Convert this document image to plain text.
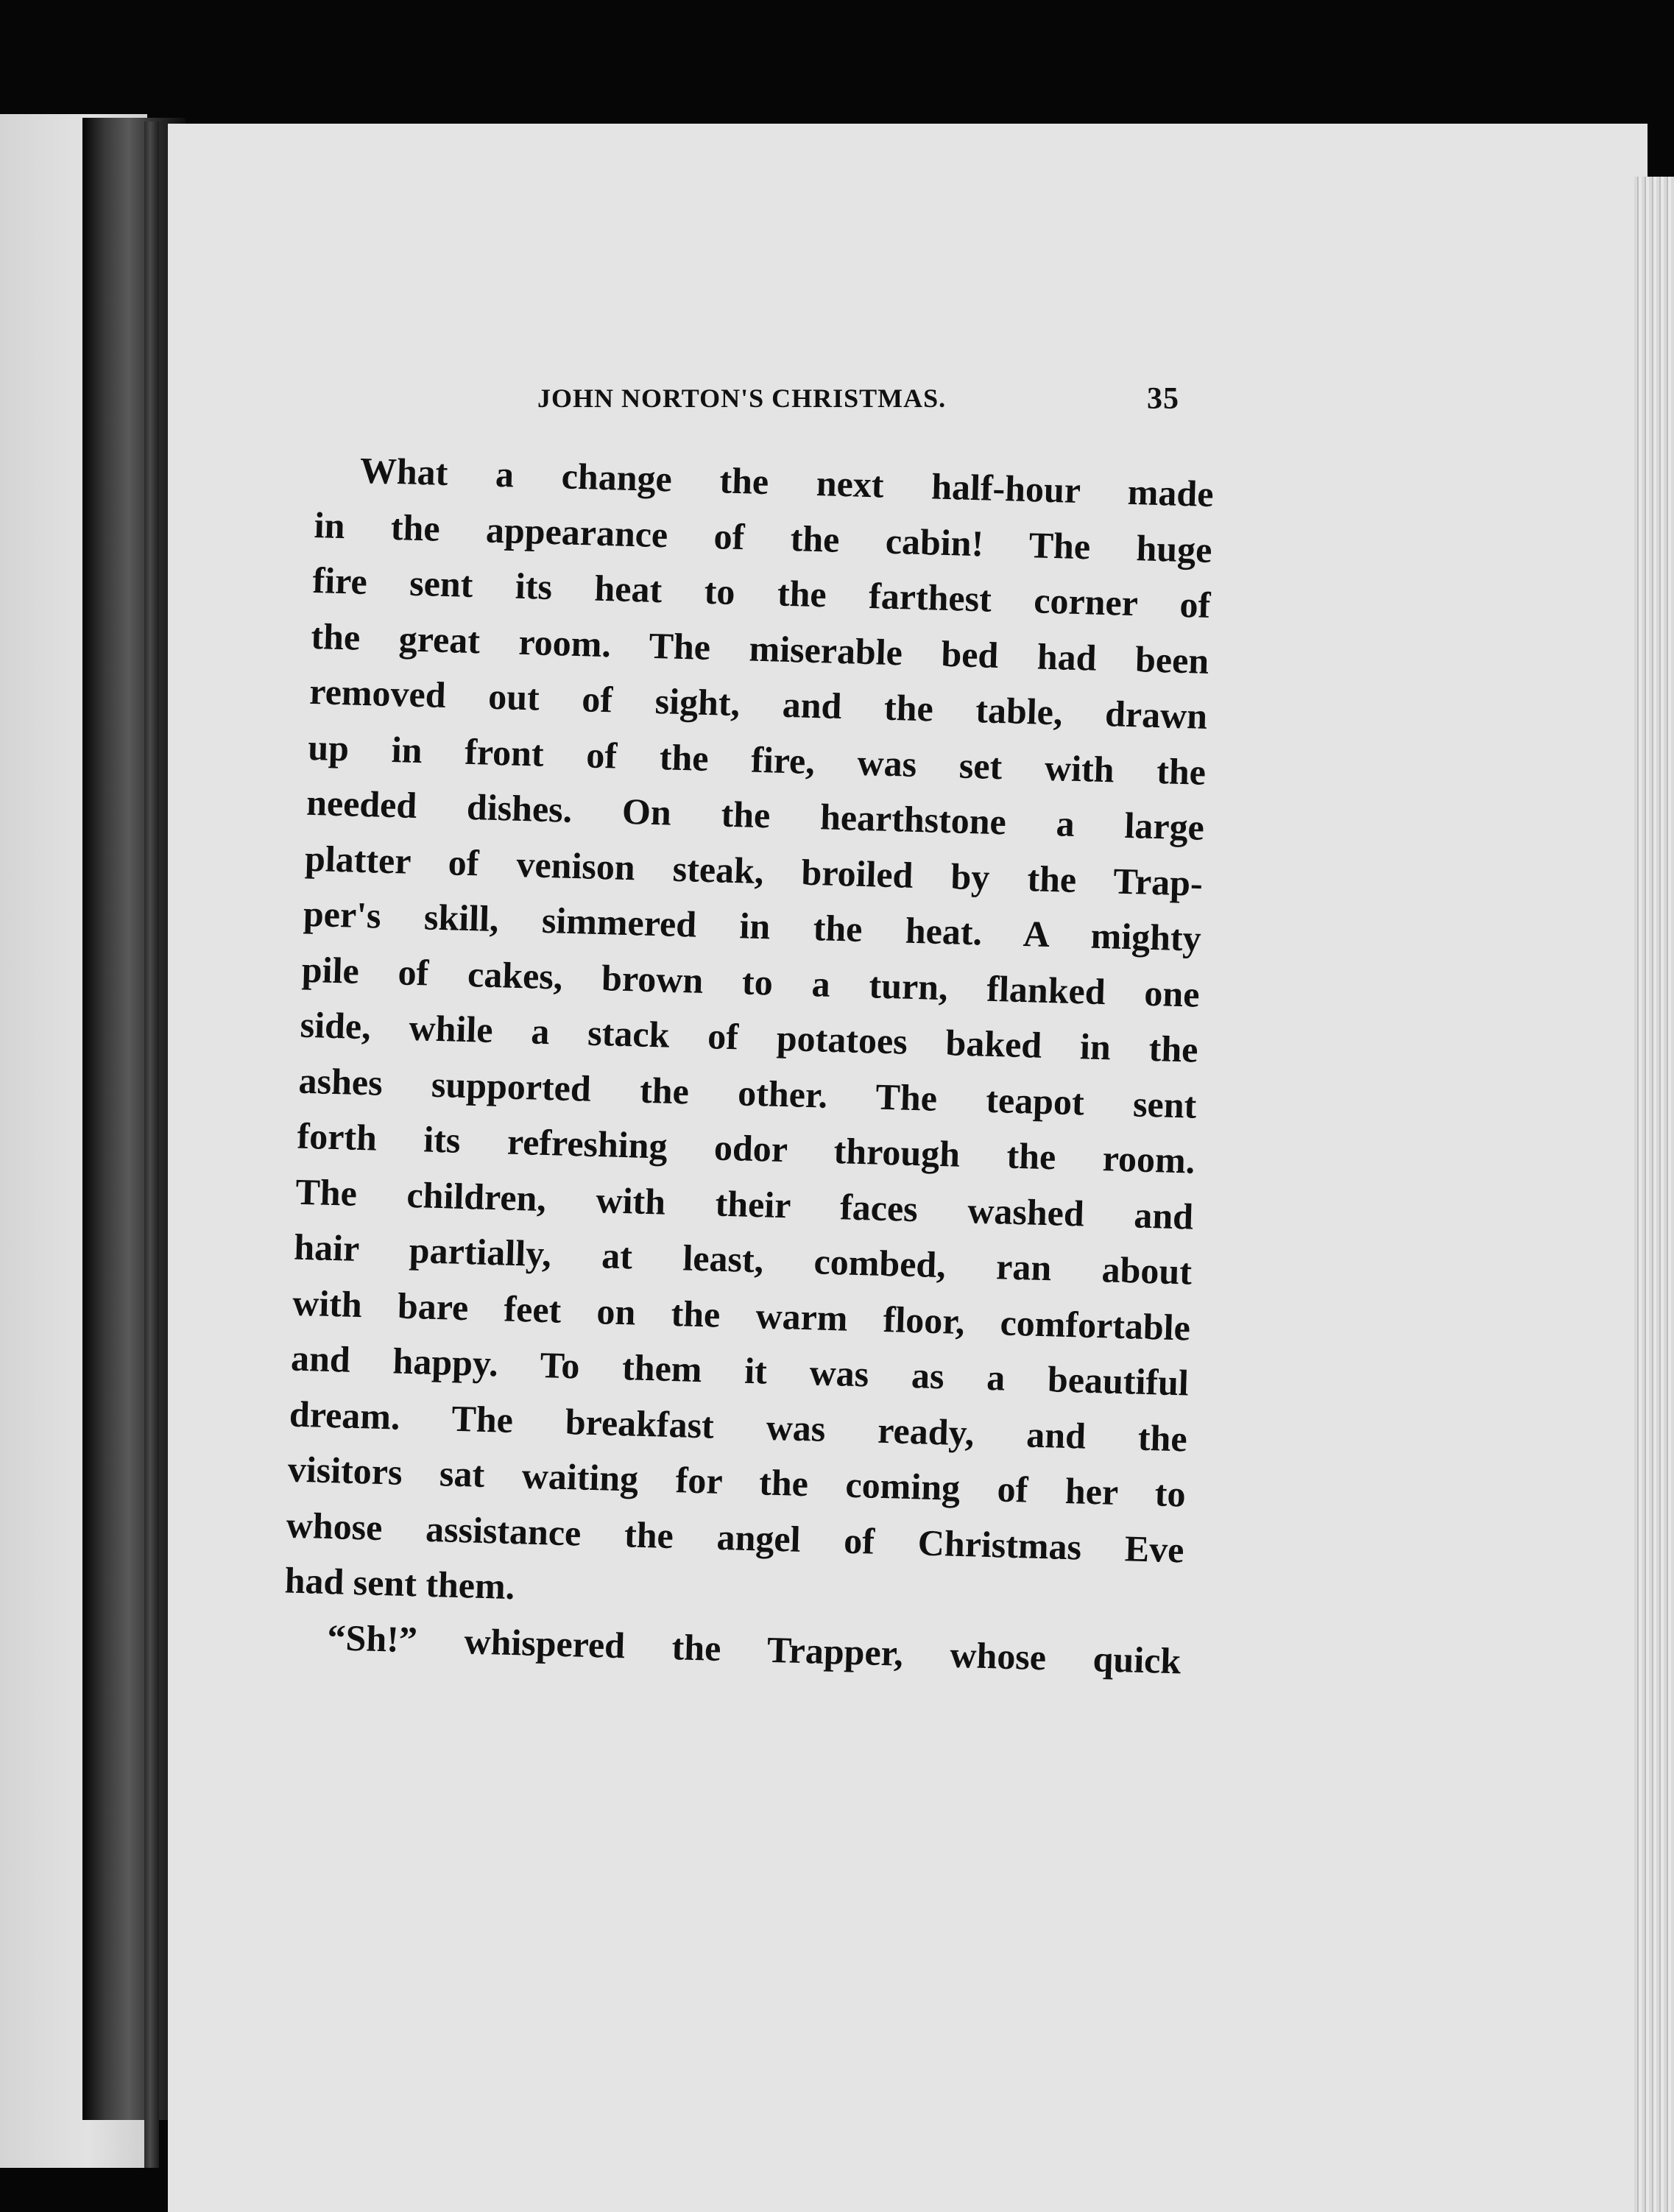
JOHN NORTON'S CHRISTMAS.	35
What a change the next half-hour made
in the appearance of the cabin! The huge
fire sent its heat to the farthest corner of
the great room. The miserable bed had been
removed out of sight, and the table, drawn
up in front of the fire, was set with the
needed dishes. On the hearthstone a large
platter of venison steak, broiled by the Trap-
per's skill, simmered in the heat. A mighty
pile of cakes, brown to a turn, flanked one
side, while a stack of potatoes baked in the
ashes supported the other. The teapot sent
forth its refreshing odor through the room.
The children, with their faces washed and
hair partially, at least, combed, ran about
with bare feet on the warm floor, comfortable
and happy. To them it was as a beautiful
dream. The breakfast was ready, and the
visitors sat waiting for the coming of her to
whose assistance the angel of Christmas Eve
had sent them.
“Sh!” whispered the Trapper, whose quick
